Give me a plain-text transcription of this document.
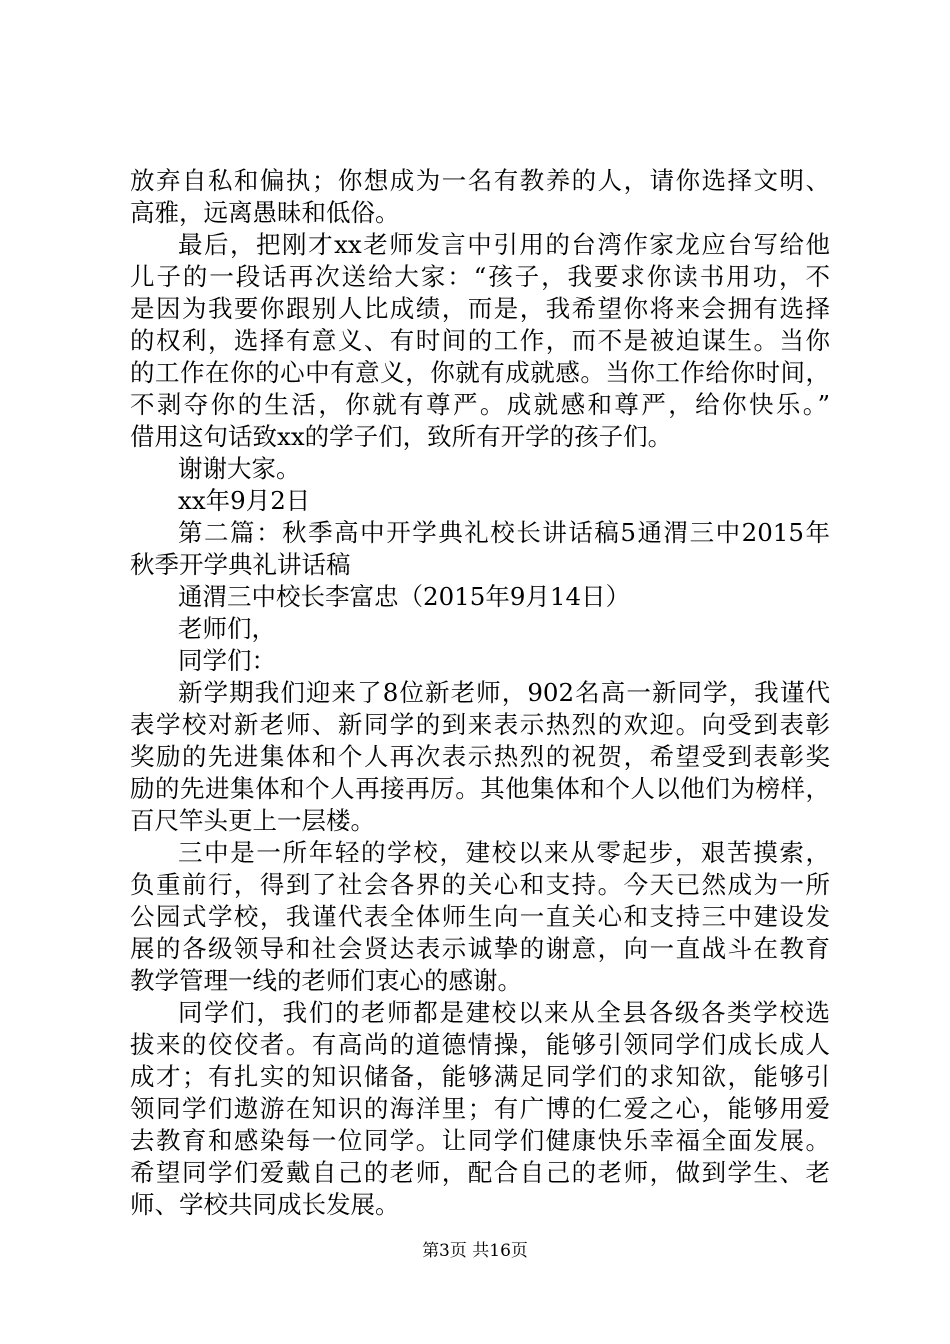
放弃自私和偏执；你想成为一名有教养的人，请你选择文明、
高雅，远离愚昧和低俗。
最后，把刚才xx老师发言中引用的台湾作家龙应台写给他
儿子的一段话再次送给大家：“孩子，我要求你读书用功，不
是因为我要你跟别人比成绩，而是，我希望你将来会拥有选择
的权利，选择有意义、有时间的工作，而不是被迫谋生。当你
的工作在你的心中有意义，你就有成就感。当你工作给你时间，
不剥夺你的生活，你就有尊严。成就感和尊严，给你快乐。”
借用这句话致xx的学子们，致所有开学的孩子们。
谢谢大家。
xx年9月2日
第二篇：秋季高中开学典礼校长讲话稿5通渭三中2015年
秋季开学典礼讲话稿
通渭三中校长李富忠（2015年9月14日）
老师们，
同学们：
新学期我们迎来了8位新老师，902名高一新同学，我谨代
表学校对新老师、新同学的到来表示热烈的欢迎。向受到表彰
奖励的先进集体和个人再次表示热烈的祝贺，希望受到表彰奖
励的先进集体和个人再接再厉。其他集体和个人以他们为榜样，
百尺竿头更上一层楼。
三中是一所年轻的学校，建校以来从零起步，艰苦摸索，
负重前行，得到了社会各界的关心和支持。今天已然成为一所
公园式学校，我谨代表全体师生向一直关心和支持三中建设发
展的各级领导和社会贤达表示诚挚的谢意，向一直战斗在教育
教学管理一线的老师们衷心的感谢。
同学们，我们的老师都是建校以来从全县各级各类学校选
拔来的佼佼者。有高尚的道德情操，能够引领同学们成长成人
成才；有扎实的知识储备，能够满足同学们的求知欲，能够引
领同学们遨游在知识的海洋里；有广博的仁爱之心，能够用爱
去教育和感染每一位同学。让同学们健康快乐幸福全面发展。
希望同学们爱戴自己的老师，配合自己的老师，做到学生、老
师、学校共同成长发展。
第3页 共16页
